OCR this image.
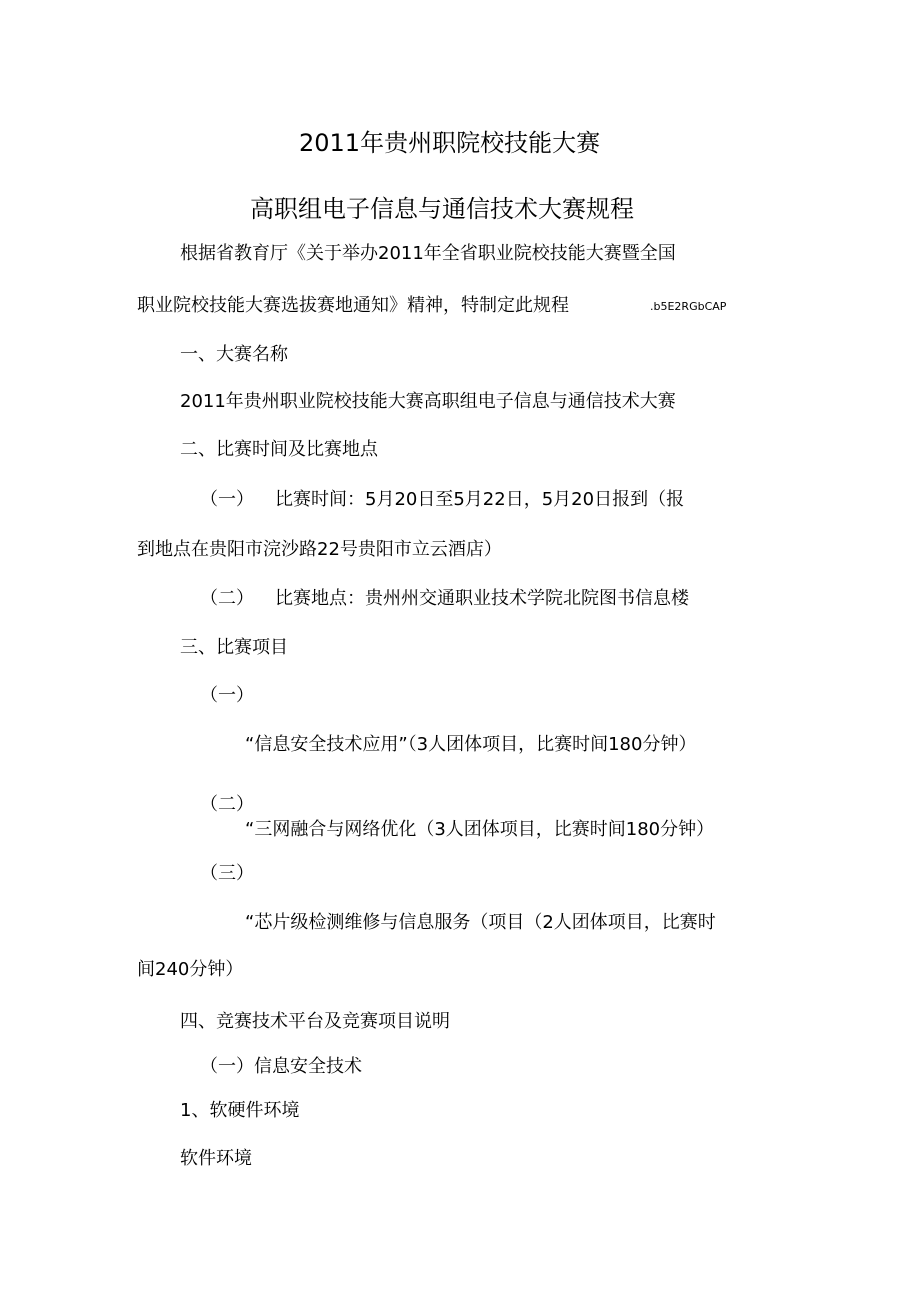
2011年贵州职院校技能大赛
高职组电子信息与通信技术大赛规程
根据省教育厅《关于举办2011年全省职业院校技能大赛暨全国
职业院校技能大赛选拔赛地通知》精神，特制定此规程	.b5E2RGbCAP
一、大赛名称
2011年贵州职业院校技能大赛高职组电子信息与通信技术大赛
二、比赛时间及比赛地点
（一） 比赛时间：5月20日至5月22日，5月20日报到（报
到地点在贵阳市浣沙路22号贵阳市立云酒店）
（二） 比赛地点：贵州州交通职业技术学院北院图书信息楼
三、比赛项目
（一）
“信息安全技术应用”（3人团体项目，比赛时间180分钟）
（二）
“三网融合与网络优化（3人团体项目，比赛时间180分钟）
（三）
“芯片级检测维修与信息服务（项目（2人团体项目，比赛时
间240分钟）
四、竞赛技术平台及竞赛项目说明
（一）信息安全技术
1、软硬件环境
软件环境
